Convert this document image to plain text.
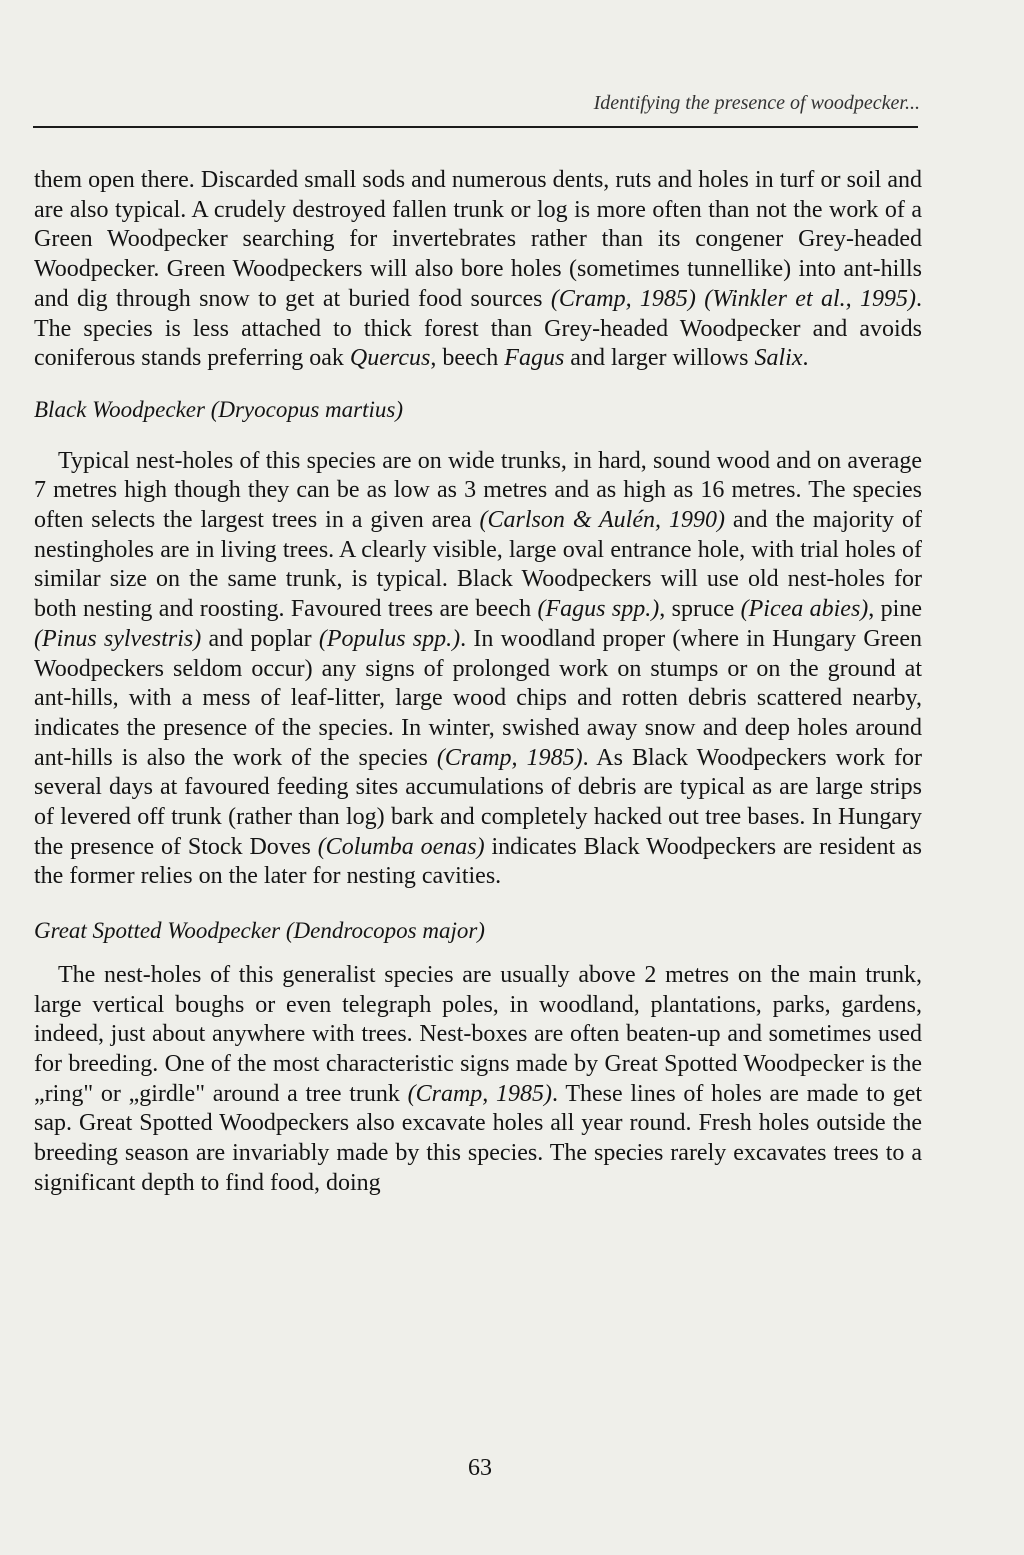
Identifying the presence of woodpecker...

them open there. Discarded small sods and numerous dents, ruts and holes in turf or soil and are also typical. A crudely destroyed fallen trunk or log is more often than not the work of a Green Woodpecker searching for invertebrates rather than its congener Grey-headed Woodpecker. Green Woodpeckers will also bore holes (sometimes tunnellike) into ant-hills and dig through snow to get at buried food sources (Cramp, 1985) (Winkler et al., 1995). The species is less attached to thick forest than Grey-headed Woodpecker and avoids coniferous stands preferring oak Quercus, beech Fagus and larger willows Salix.

Black Woodpecker (Dryocopus martius)

Typical nest-holes of this species are on wide trunks, in hard, sound wood and on average 7 metres high though they can be as low as 3 metres and as high as 16 metres. The species often selects the largest trees in a given area (Carlson & Aulén, 1990) and the majority of nestingholes are in living trees. A clearly visible, large oval entrance hole, with trial holes of similar size on the same trunk, is typical. Black Woodpeckers will use old nest-holes for both nesting and roosting. Favoured trees are beech (Fagus spp.), spruce (Picea abies), pine (Pinus sylvestris) and poplar (Populus spp.). In woodland proper (where in Hungary Green Woodpeckers seldom occur) any signs of prolonged work on stumps or on the ground at ant-hills, with a mess of leaf-litter, large wood chips and rotten debris scattered nearby, indicates the presence of the species. In winter, swished away snow and deep holes around ant-hills is also the work of the species (Cramp, 1985). As Black Woodpeckers work for several days at favoured feeding sites accumulations of debris are typical as are large strips of levered off trunk (rather than log) bark and completely hacked out tree bases. In Hungary the presence of Stock Doves (Columba oenas) indicates Black Woodpeckers are resident as the former relies on the later for nesting cavities.

Great Spotted Woodpecker (Dendrocopos major)

The nest-holes of this generalist species are usually above 2 metres on the main trunk, large vertical boughs or even telegraph poles, in woodland, plantations, parks, gardens, indeed, just about anywhere with trees. Nest-boxes are often beaten-up and sometimes used for breeding. One of the most characteristic signs made by Great Spotted Woodpecker is the „ring" or „girdle" around a tree trunk (Cramp, 1985). These lines of holes are made to get sap. Great Spotted Woodpeckers also excavate holes all year round. Fresh holes outside the breeding season are invariably made by this species. The species rarely excavates trees to a significant depth to find food, doing

63
